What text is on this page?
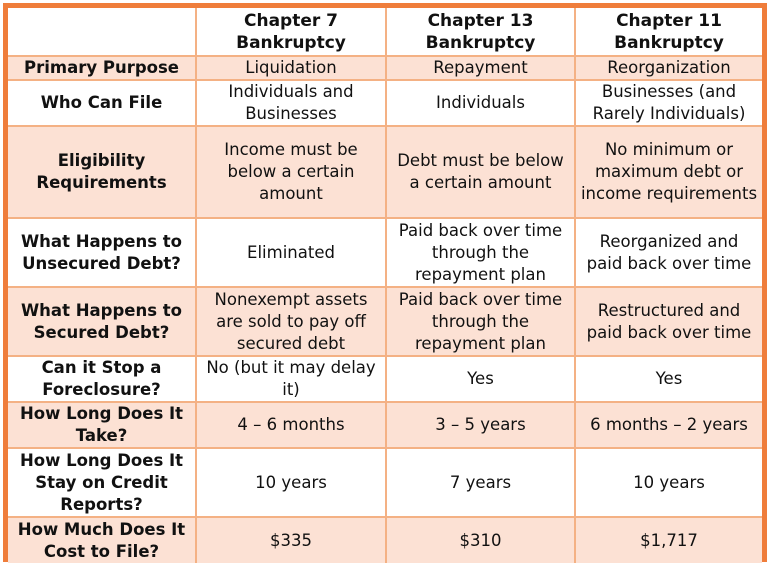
	Chapter 7 Bankruptcy	Chapter 13 Bankruptcy	Chapter 11 Bankruptcy
Primary Purpose	Liquidation	Repayment	Reorganization
Who Can File	Individuals and Businesses	Individuals	Businesses (and Rarely Individuals)
Eligibility Requirements	Income must be below a certain amount	Debt must be below a certain amount	No minimum or maximum debt or income requirements
What Happens to Unsecured Debt?	Eliminated	Paid back over time through the repayment plan	Reorganized and paid back over time
What Happens to Secured Debt?	Nonexempt assets are sold to pay off secured debt	Paid back over time through the repayment plan	Restructured and paid back over time
Can it Stop a Foreclosure?	No (but it may delay it)	Yes	Yes
How Long Does It Take?	4 – 6 months	3 – 5 years	6 months – 2 years
How Long Does It Stay on Credit Reports?	10 years	7 years	10 years
How Much Does It Cost to File?	$335	$310	$1,717
